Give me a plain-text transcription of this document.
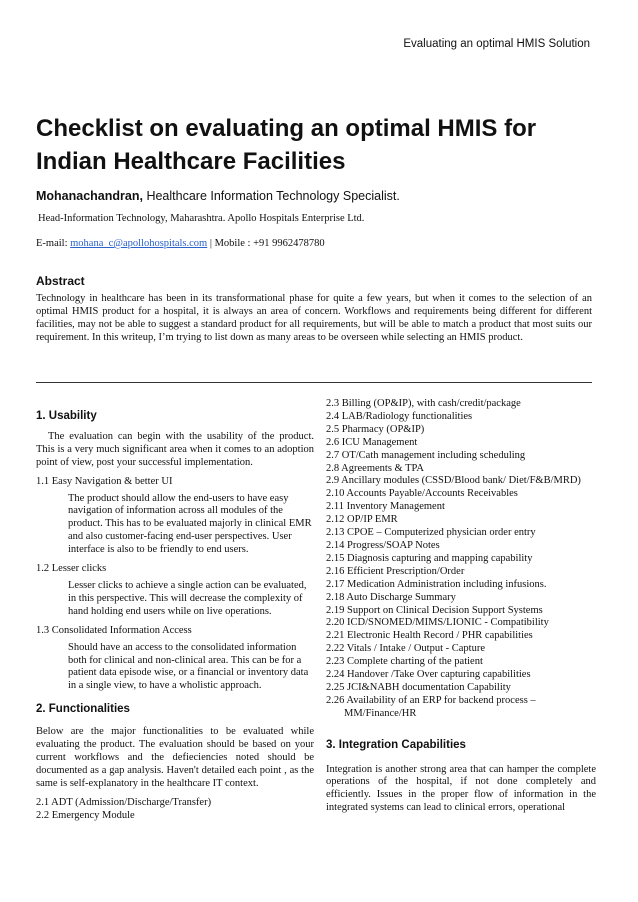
Evaluating an optimal HMIS Solution
Checklist on evaluating an optimal HMIS for Indian Healthcare Facilities
Mohanachandran, Healthcare Information Technology Specialist.
Head-Information Technology, Maharashtra. Apollo Hospitals Enterprise Ltd.
E-mail: mohana_c@apollohospitals.com | Mobile : +91 9962478780
Abstract
Technology in healthcare has been in its transformational phase for quite a few years, but when it comes to the selection of an optimal HMIS product for a hospital, it is always an area of concern. Workflows and requirements being different for different facilities, may not be able to suggest a standard product for all requirements, but will be able to match a product that most suits our requirement. In this writeup, I’m trying to list down as many areas to be overseen while selecting an HMIS product.
1. Usability
The evaluation can begin with the usability of the product. This is a very much significant area when it comes to an adoption point of view, post your successful implementation.
1.1 Easy Navigation & better UI
The product should allow the end-users to have easy navigation of information across all modules of the product. This has to be evaluated majorly in clinical EMR and also customer-facing end-user perspectives. User interface is also to be friendly to end users.
1.2 Lesser clicks
Lesser clicks to achieve a single action can be evaluated, in this perspective. This will decrease the complexity of hand holding end users while on live operations.
1.3 Consolidated Information Access
Should have an access to the consolidated information both for clinical and non-clinical area. This can be for a patient data episode wise, or a financial or inventory data in a single view, to have a wholistic approach.
2. Functionalities
Below are the major functionalities to be evaluated while evaluating the product. The evaluation should be based on your current workflows and the defieciencies noted should be documented as a gap analysis. Haven't detailed each point , as the same is self-explanatory in the healthcare IT context.
2.1 ADT (Admission/Discharge/Transfer)
2.2 Emergency Module
2.3 Billing (OP&IP), with cash/credit/package
2.4 LAB/Radiology functionalities
2.5 Pharmacy (OP&IP)
2.6 ICU Management
2.7 OT/Cath management including scheduling
2.8 Agreements & TPA
2.9 Ancillary modules (CSSD/Blood bank/ Diet/F&B/MRD)
2.10 Accounts Payable/Accounts Receivables
2.11 Inventory Management
2.12 OP/IP EMR
2.13 CPOE – Computerized physician order entry
2.14 Progress/SOAP Notes
2.15 Diagnosis capturing and mapping capability
2.16 Efficient Prescription/Order
2.17 Medication Administration including infusions.
2.18 Auto Discharge Summary
2.19 Support on Clinical Decision Support Systems
2.20 ICD/SNOMED/MIMS/LIONIC - Compatibility
2.21 Electronic Health Record / PHR capabilities
2.22 Vitals / Intake / Output - Capture
2.23 Complete charting of the patient
2.24 Handover /Take Over capturing capabilities
2.25 JCI&NABH documentation Capability
2.26 Availability of an ERP for backend process –
MM/Finance/HR
3. Integration Capabilities
Integration is another strong area that can hamper the complete operations of the hospital, if not done completely and efficiently. Issues in the proper flow of information in the integrated systems can lead to clinical errors, operational
